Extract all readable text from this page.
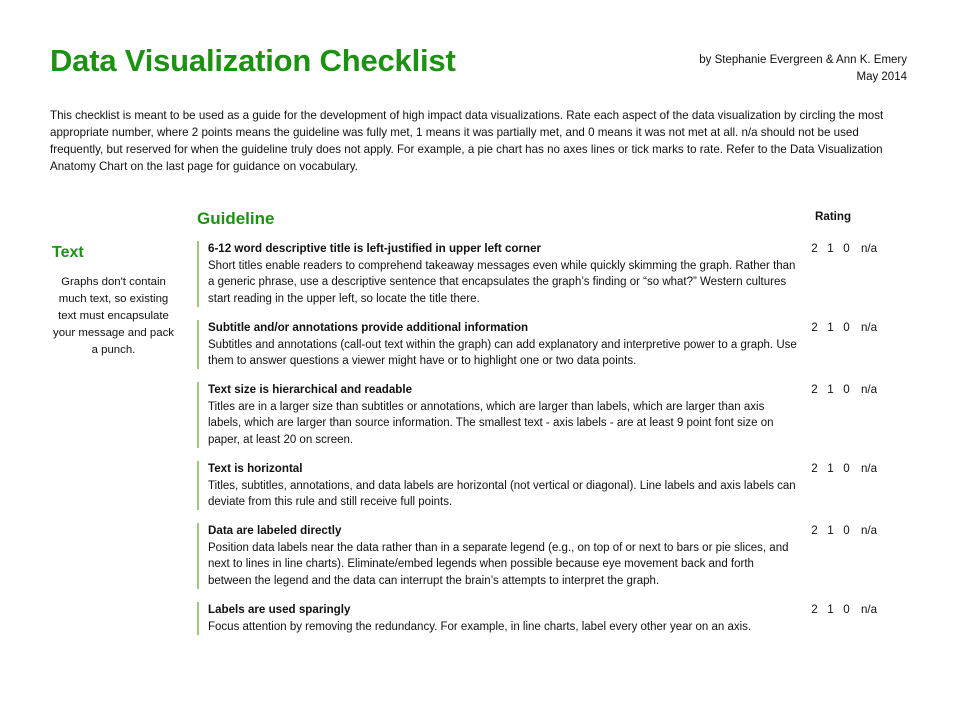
Data Visualization Checklist	by Stephanie Evergreen & Ann K. Emery
May 2014

This checklist is meant to be used as a guide for the development of high impact data visualizations. Rate each aspect of the data visualization by circling the most appropriate number, where 2 points means the guideline was fully met, 1 means it was partially met, and 0 means it was not met at all. n/a should not be used frequently, but reserved for when the guideline truly does not apply. For example, a pie chart has no axes lines or tick marks to rate. Refer to the Data Visualization Anatomy Chart on the last page for guidance on vocabulary.

Guideline	Rating
Text

Graphs don't contain much text, so existing text must encapsulate your message and pack a punch.

6-12 word descriptive title is left-justified in upper left corner
Short titles enable readers to comprehend takeaway messages even while quickly skimming the graph. Rather than a generic phrase, use a descriptive sentence that encapsulates the graph’s finding or “so what?” Western cultures start reading in the upper left, so locate the title there.
2 1 0 n/a
Subtitle and/or annotations provide additional information
Subtitles and annotations (call-out text within the graph) can add explanatory and interpretive power to a graph. Use them to answer questions a viewer might have or to highlight one or two data points.
2 1 0 n/a
Text size is hierarchical and readable
Titles are in a larger size than subtitles or annotations, which are larger than labels, which are larger than axis labels, which are larger than source information. The smallest text - axis labels - are at least 9 point font size on paper, at least 20 on screen.
2 1 0 n/a
Text is horizontal
Titles, subtitles, annotations, and data labels are horizontal (not vertical or diagonal). Line labels and axis labels can deviate from this rule and still receive full points.
2 1 0 n/a
Data are labeled directly
Position data labels near the data rather than in a separate legend (e.g., on top of or next to bars or pie slices, and next to lines in line charts). Eliminate/embed legends when possible because eye movement back and forth between the legend and the data can interrupt the brain’s attempts to interpret the graph.
2 1 0 n/a
Labels are used sparingly
Focus attention by removing the redundancy. For example, in line charts, label every other year on an axis.
2 1 0 n/a
